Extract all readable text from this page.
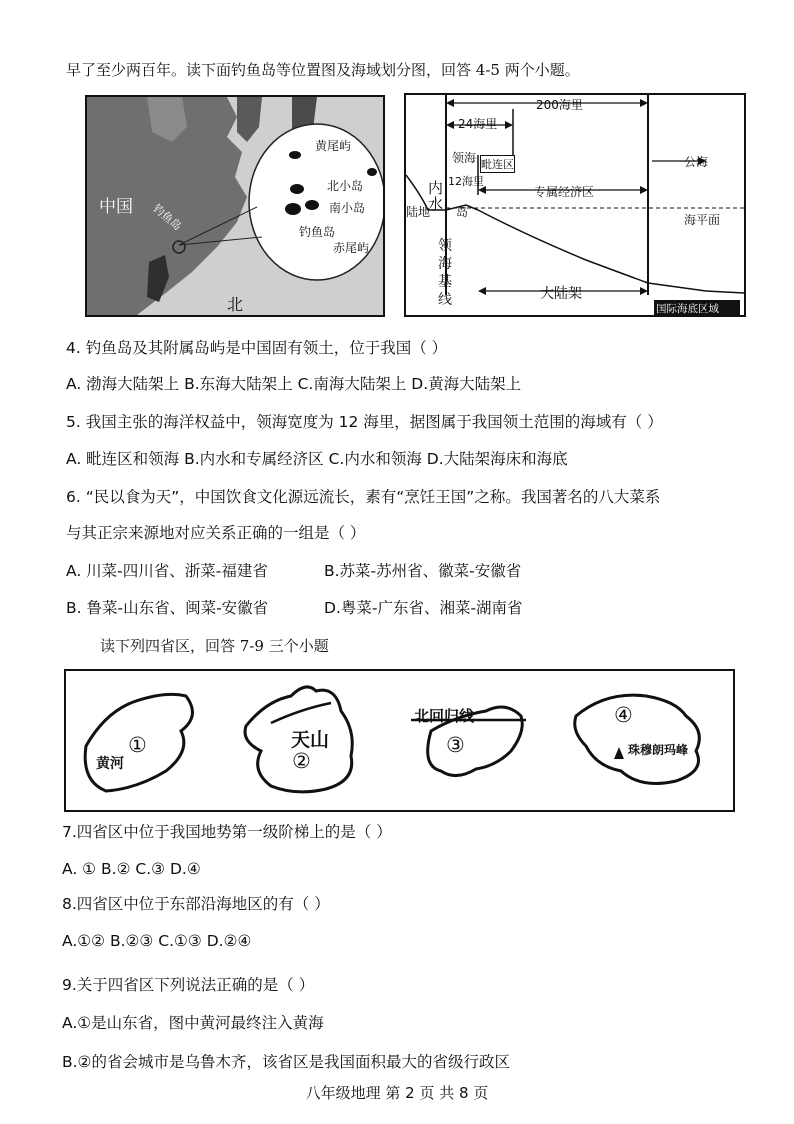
早了至少两百年。读下面钓鱼岛等位置图及海域划分图，回答 4-5 两个小题。
中国 钓鱼岛
北
黄尾屿
北小岛
南小岛
钓鱼岛
赤尾屿
200海里
24海里
领海 毗连区
12海里
内
水
专属经济区
公海
陆地 岛
海平面
领
海
基
线	大陆架
国际海底区域
4. 钓鱼岛及其附属岛屿是中国固有领土，位于我国（ ）
A. 渤海大陆架上 B.东海大陆架上 C.南海大陆架上 D.黄海大陆架上
5. 我国主张的海洋权益中，领海宽度为 12 海里，据图属于我国领土范围的海域有（ ）
A. 毗连区和领海 B.内水和专属经济区 C.内水和领海 D.大陆架海床和海底
6. “民以食为天”，中国饮食文化源远流长，素有“烹饪王国”之称。我国著名的八大菜系
与其正宗来源地对应关系正确的一组是（ ）
A. 川菜-四川省、浙菜-福建省	B.苏菜-苏州省、徽菜-安徽省
B. 鲁菜-山东省、闽菜-安徽省	D.粤菜-广东省、湘菜-湖南省
读下列四省区，回答 7-9 三个小题
黄河
①	天山
②
北回归线
③
④
珠穆朗玛峰
7.四省区中位于我国地势第一级阶梯上的是（ ）
A. ① B.② C.③ D.④
8.四省区中位于东部沿海地区的有（ ）
A.①② B.②③ C.①③ D.②④
9.关于四省区下列说法正确的是（ ）
A.①是山东省，图中黄河最终注入黄海
B.②的省会城市是乌鲁木齐，该省区是我国面积最大的省级行政区
八年级地理 第 2 页 共 8 页
